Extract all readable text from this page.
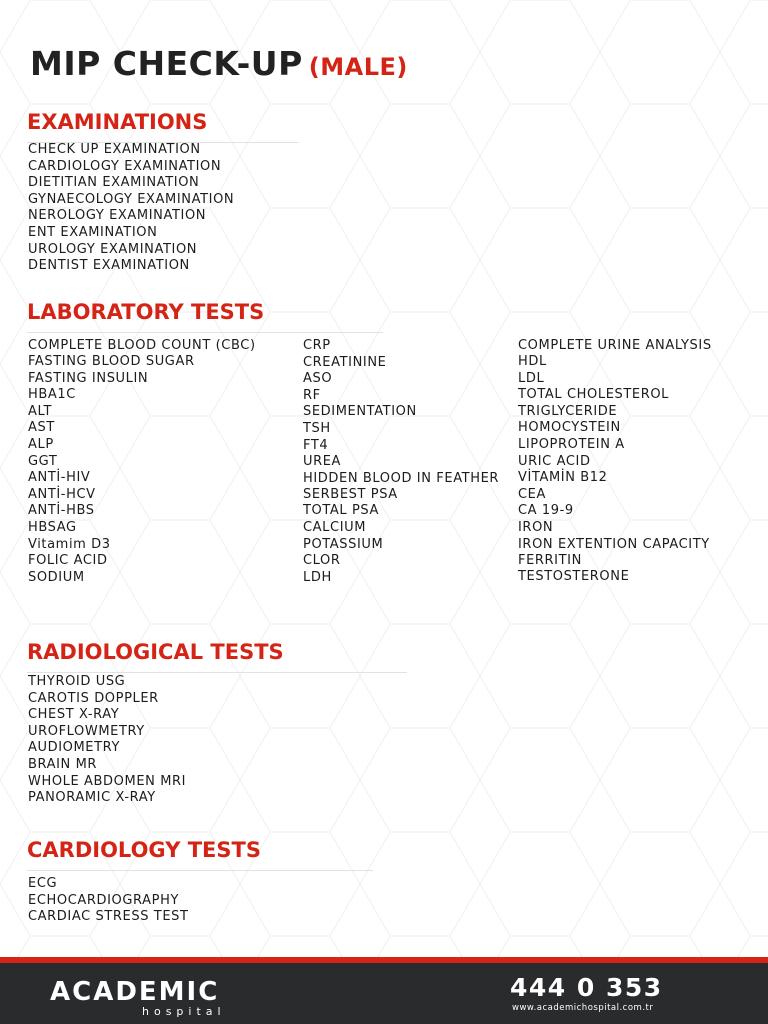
MIP CHECK-UP (MALE)
EXAMINATIONS
CHECK UP EXAMINATION
CARDIOLOGY EXAMINATION
DIETITIAN EXAMINATION
GYNAECOLOGY EXAMINATION
NEROLOGY EXAMINATION
ENT EXAMINATION
UROLOGY EXAMINATION
DENTIST EXAMINATION
LABORATORY TESTS
COMPLETE BLOOD COUNT (CBC)
FASTING BLOOD SUGAR
FASTING INSULIN
HBA1C
ALT
AST
ALP
GGT
ANTİ-HIV
ANTİ-HCV
ANTİ-HBS
HBSAG
Vitamim D3
FOLIC ACID
SODIUM
CRP
CREATININE
ASO
RF
SEDIMENTATION
TSH
FT4
UREA
HIDDEN BLOOD IN FEATHER
SERBEST PSA
TOTAL PSA
CALCIUM
POTASSIUM
CLOR
LDH
COMPLETE URINE ANALYSIS
HDL
LDL
TOTAL CHOLESTEROL
TRIGLYCERIDE
HOMOCYSTEIN
LIPOPROTEIN A
URIC ACID
VİTAMİN B12
CEA
CA 19-9
IRON
IRON EXTENTION CAPACITY
FERRITIN
TESTOSTERONE
RADIOLOGICAL TESTS
THYROID USG
CAROTIS DOPPLER
CHEST X-RAY
UROFLOWMETRY
AUDIOMETRY
BRAIN MR
WHOLE ABDOMEN MRI
PANORAMIC X-RAY
CARDIOLOGY TESTS
ECG
ECHOCARDIOGRAPHY
CARDIAC STRESS TEST
ACADEMIC
hospital
444 0 353
www.academichospital.com.tr
